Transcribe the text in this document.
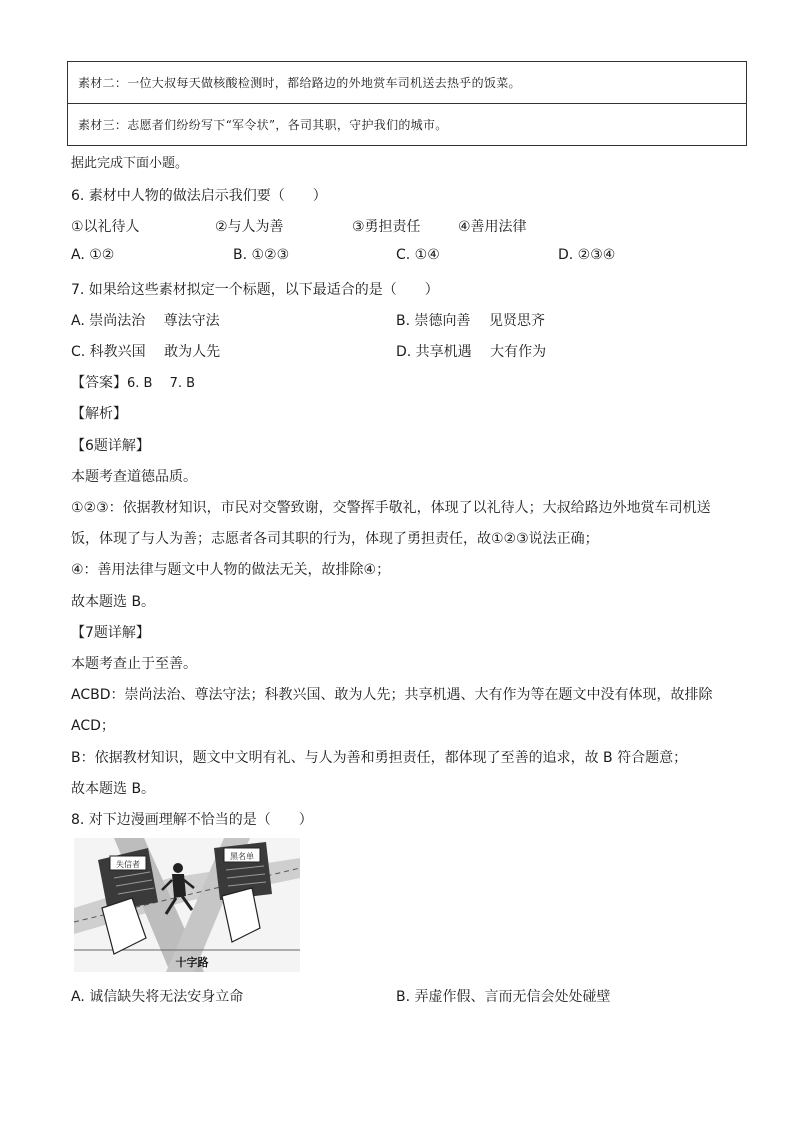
素材二：一位大叔每天做核酸检测时，都给路边的外地赏车司机送去热乎的饭菜。
素材三：志愿者们纷纷写下“军令状”，各司其职，守护我们的城市。
据此完成下面小题。
6. 素材中人物的做法启示我们要（　　）
①以礼待人	②与人为善	③勇担责任	④善用法律
A. ①②	B. ①②③	C. ①④	D. ②③④
7. 如果给这些素材拟定一个标题，以下最适合的是（　　）
A. 崇尚法治　 尊法守法	B. 崇德向善　 见贤思齐
C. 科教兴国　 敢为人先	D. 共享机遇　 大有作为
【答案】6. B　 7. B
【解析】
【6题详解】
本题考查道德品质。
①②③：依据教材知识，市民对交警致谢，交警挥手敬礼，体现了以礼待人；大叔给路边外地赏车司机送
饭，体现了与人为善；志愿者各司其职的行为，体现了勇担责任，故①②③说法正确；
④：善用法律与题文中人物的做法无关，故排除④；
故本题选 B。
【7题详解】
本题考查止于至善。
ACBD：崇尚法治、尊法守法；科教兴国、敢为人先；共享机遇、大有作为等在题文中没有体现，故排除
ACD；
B：依据教材知识，题文中文明有礼、与人为善和勇担责任，都体现了至善的追求，故 B 符合题意；
故本题选 B。
8. 对下边漫画理解不恰当的是（　　）
失信者
黑名单
十字路
A. 诚信缺失将无法安身立命	B. 弄虚作假、言而无信会处处碰壁
